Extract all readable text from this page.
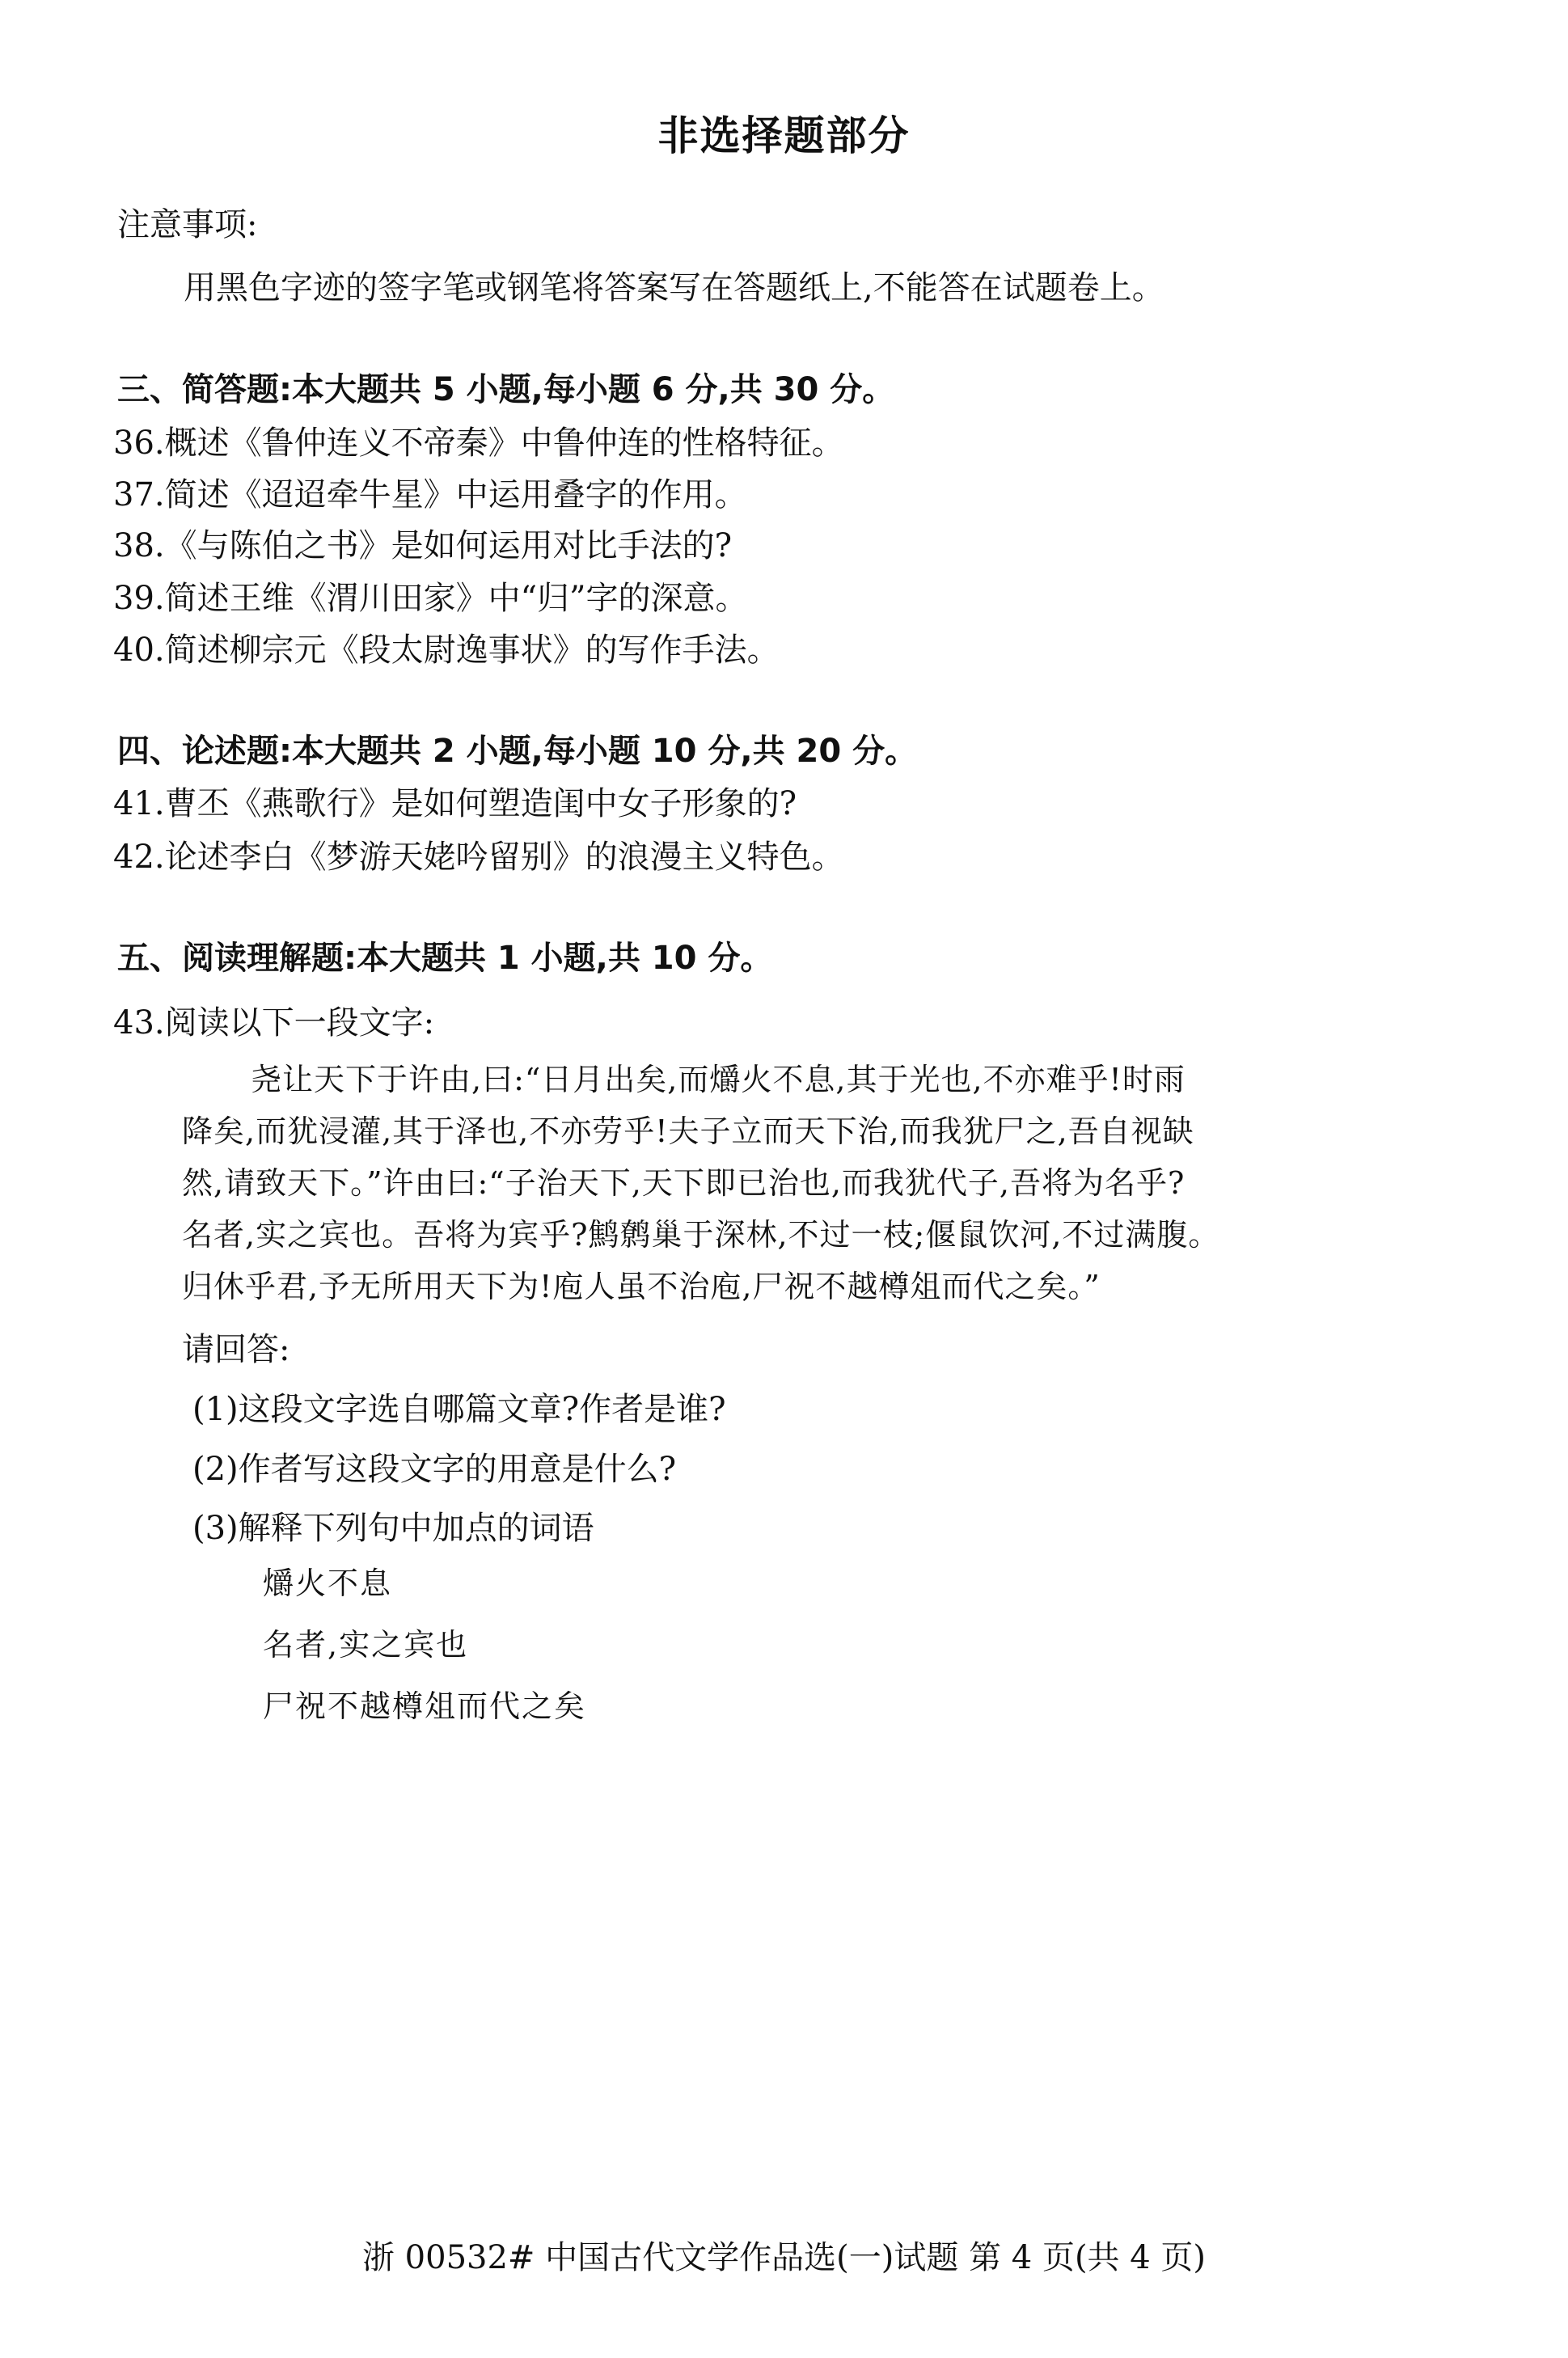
非选择题部分
注意事项:
用黑色字迹的签字笔或钢笔将答案写在答题纸上,不能答在试题卷上。
三、简答题:本大题共 5 小题,每小题 6 分,共 30 分。
36.概述《鲁仲连义不帝秦》中鲁仲连的性格特征。
37.简述《迢迢牵牛星》中运用叠字的作用。
38.《与陈伯之书》是如何运用对比手法的?
39.简述王维《渭川田家》中“归”字的深意。
40.简述柳宗元《段太尉逸事状》的写作手法。
四、论述题:本大题共 2 小题,每小题 10 分,共 20 分。
41.曹丕《燕歌行》是如何塑造闺中女子形象的?
42.论述李白《梦游天姥吟留别》的浪漫主义特色。
五、阅读理解题:本大题共 1 小题,共 10 分。
43.阅读以下一段文字:
尧让天下于许由,曰:“日月出矣,而爝火不息,其于光也,不亦难乎!时雨
降矣,而犹浸灌,其于泽也,不亦劳乎!夫子立而天下治,而我犹尸之,吾自视缺
然,请致天下。”许由曰:“子治天下,天下即已治也,而我犹代子,吾将为名乎?
名者,实之宾也。吾将为宾乎?鹪鹩巢于深林,不过一枝;偃鼠饮河,不过满腹。
归休乎君,予无所用天下为!庖人虽不治庖,尸祝不越樽俎而代之矣。”
请回答:
(1)这段文字选自哪篇文章?作者是谁?
(2)作者写这段文字的用意是什么?
(3)解释下列句中加点的词语
爝火不息
名者,实之宾也
尸祝不越樽俎而代之矣
浙 00532# 中国古代文学作品选(一)试题 第 4 页(共 4 页)
